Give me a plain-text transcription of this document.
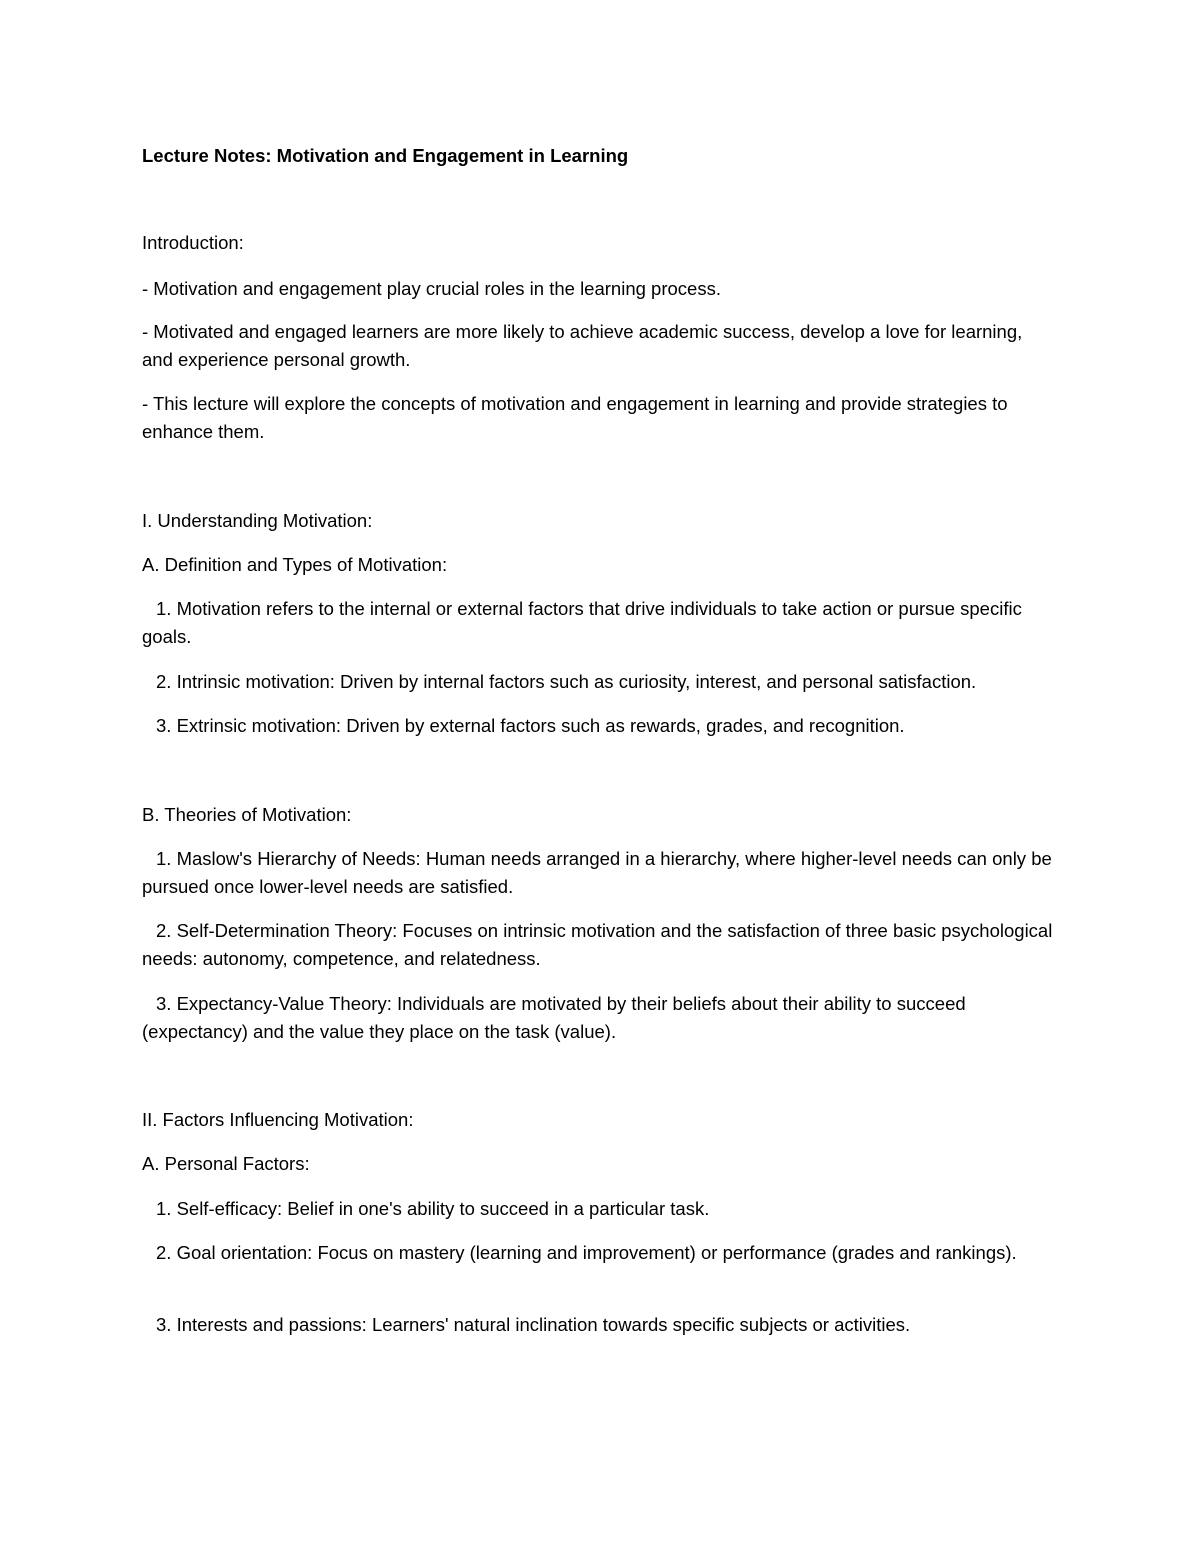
Lecture Notes: Motivation and Engagement in Learning

Introduction:

- Motivation and engagement play crucial roles in the learning process.

- Motivated and engaged learners are more likely to achieve academic success, develop a love for learning, and experience personal growth.

- This lecture will explore the concepts of motivation and engagement in learning and provide strategies to enhance them.

I. Understanding Motivation:

A. Definition and Types of Motivation:

1. Motivation refers to the internal or external factors that drive individuals to take action or pursue specific goals.

2. Intrinsic motivation: Driven by internal factors such as curiosity, interest, and personal satisfaction.

3. Extrinsic motivation: Driven by external factors such as rewards, grades, and recognition.

B. Theories of Motivation:

1. Maslow's Hierarchy of Needs: Human needs arranged in a hierarchy, where higher-level needs can only be pursued once lower-level needs are satisfied.

2. Self-Determination Theory: Focuses on intrinsic motivation and the satisfaction of three basic psychological needs: autonomy, competence, and relatedness.

3. Expectancy-Value Theory: Individuals are motivated by their beliefs about their ability to succeed (expectancy) and the value they place on the task (value).

II. Factors Influencing Motivation:

A. Personal Factors:

1. Self-efficacy: Belief in one's ability to succeed in a particular task.

2. Goal orientation: Focus on mastery (learning and improvement) or performance (grades and rankings).

3. Interests and passions: Learners' natural inclination towards specific subjects or activities.
